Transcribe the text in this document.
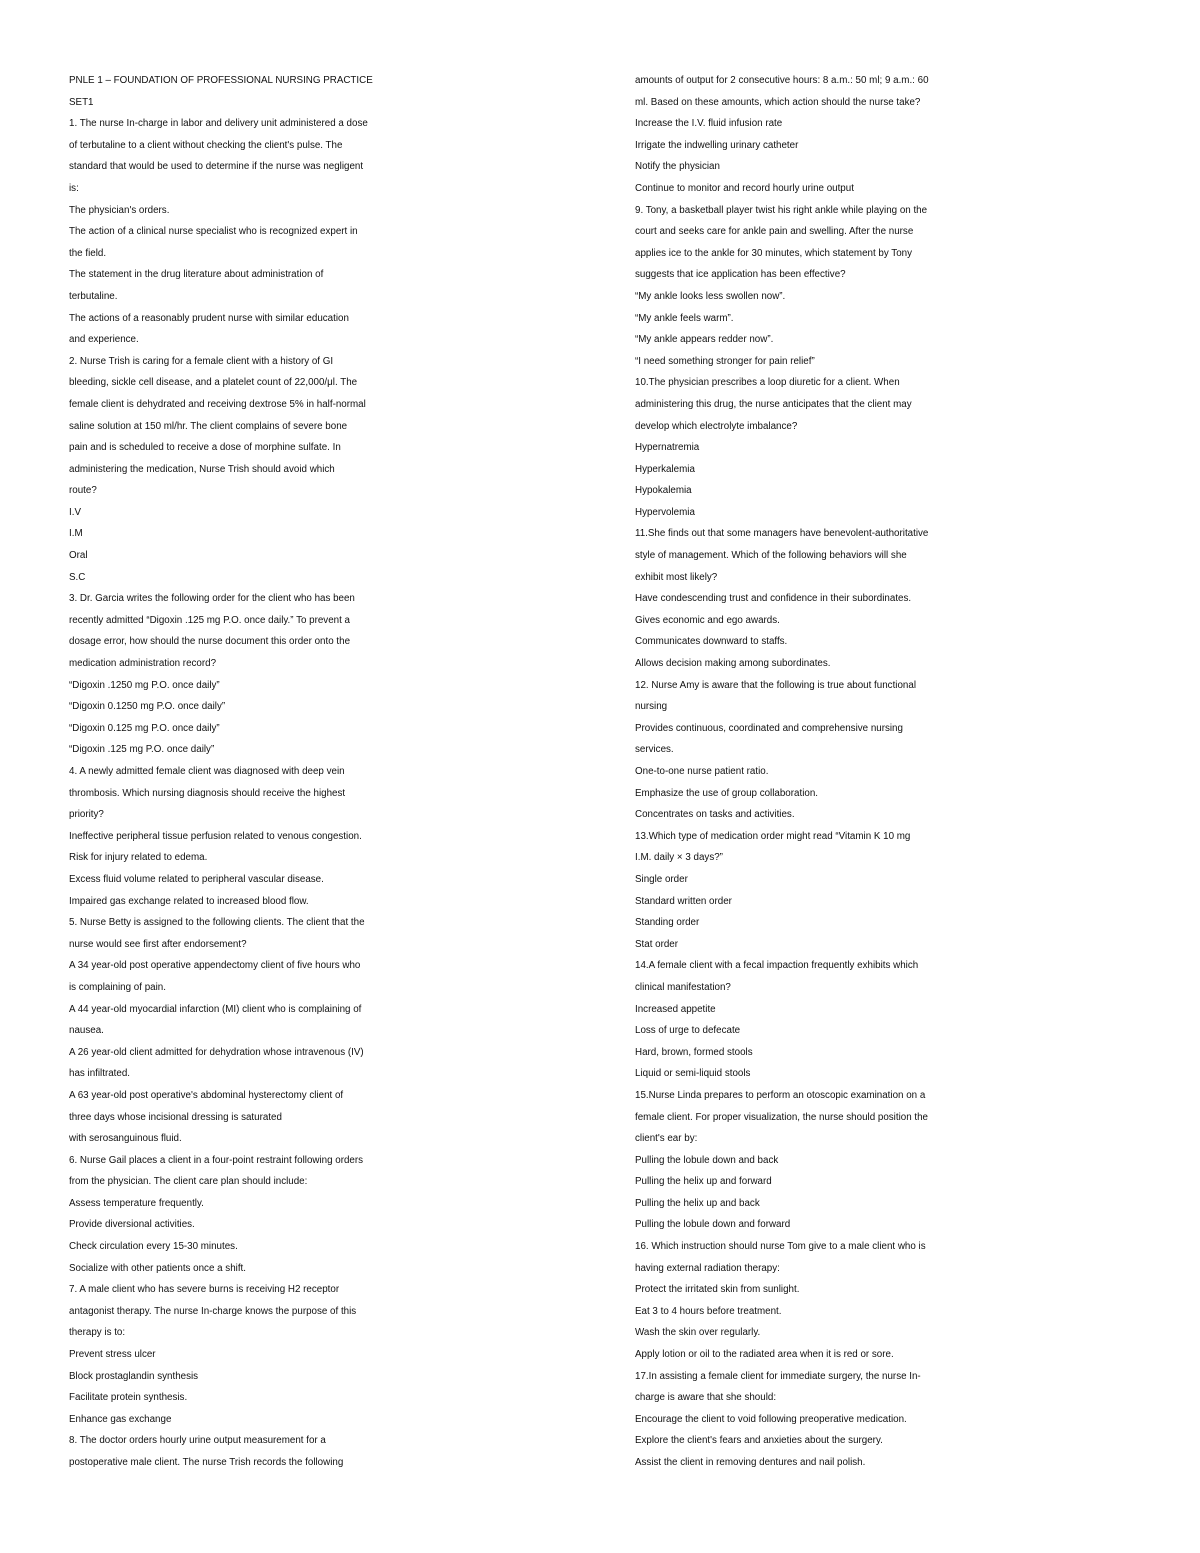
PNLE 1 – FOUNDATION OF PROFESSIONAL NURSING PRACTICE
SET1
1. The nurse In-charge in labor and delivery unit administered a dose
of terbutaline to a client without checking the client's pulse. The
standard that would be used to determine if the nurse was negligent
is:
The physician's orders.
The action of a clinical nurse specialist who is recognized expert in
the field.
The statement in the drug literature about administration of
terbutaline.
The actions of a reasonably prudent nurse with similar education
and experience.
2. Nurse Trish is caring for a female client with a history of GI
bleeding, sickle cell disease, and a platelet count of 22,000/μl. The
female client is dehydrated and receiving dextrose 5% in half-normal
saline solution at 150 ml/hr. The client complains of severe bone
pain and is scheduled to receive a dose of morphine sulfate. In
administering the medication, Nurse Trish should avoid which
route?
I.V
I.M
Oral
S.C
3. Dr. Garcia writes the following order for the client who has been
recently admitted “Digoxin .125 mg P.O. once daily.” To prevent a
dosage error, how should the nurse document this order onto the
medication administration record?
“Digoxin .1250 mg P.O. once daily”
“Digoxin 0.1250 mg P.O. once daily”
“Digoxin 0.125 mg P.O. once daily”
“Digoxin .125 mg P.O. once daily”
4. A newly admitted female client was diagnosed with deep vein
thrombosis. Which nursing diagnosis should receive the highest
priority?
Ineffective peripheral tissue perfusion related to venous congestion.
Risk for injury related to edema.
Excess fluid volume related to peripheral vascular disease.
Impaired gas exchange related to increased blood flow.
5. Nurse Betty is assigned to the following clients. The client that the
nurse would see first after endorsement?
A 34 year-old post operative appendectomy client of five hours who
is complaining of pain.
A 44 year-old myocardial infarction (MI) client who is complaining of
nausea.
A 26 year-old client admitted for dehydration whose intravenous (IV)
has infiltrated.
A 63 year-old post operative's abdominal hysterectomy client of
three days whose incisional dressing is saturated
with serosanguinous fluid.
6. Nurse Gail places a client in a four-point restraint following orders
from the physician. The client care plan should include:
Assess temperature frequently.
Provide diversional activities.
Check circulation every 15-30 minutes.
Socialize with other patients once a shift.
7. A male client who has severe burns is receiving H2 receptor
antagonist therapy. The nurse In-charge knows the purpose of this
therapy is to:
Prevent stress ulcer
Block prostaglandin synthesis
Facilitate protein synthesis.
Enhance gas exchange
8. The doctor orders hourly urine output measurement for a
postoperative male client. The nurse Trish records the following
amounts of output for 2 consecutive hours: 8 a.m.: 50 ml; 9 a.m.: 60
ml. Based on these amounts, which action should the nurse take?
Increase the I.V. fluid infusion rate
Irrigate the indwelling urinary catheter
Notify the physician
Continue to monitor and record hourly urine output
9. Tony, a basketball player twist his right ankle while playing on the
court and seeks care for ankle pain and swelling. After the nurse
applies ice to the ankle for 30 minutes, which statement by Tony
suggests that ice application has been effective?
“My ankle looks less swollen now”.
“My ankle feels warm”.
“My ankle appears redder now”.
“I need something stronger for pain relief”
10.The physician prescribes a loop diuretic for a client. When
administering this drug, the nurse anticipates that the client may
develop which electrolyte imbalance?
Hypernatremia
Hyperkalemia
Hypokalemia
Hypervolemia
11.She finds out that some managers have benevolent-authoritative
style of management. Which of the following behaviors will she
exhibit most likely?
Have condescending trust and confidence in their subordinates.
Gives economic and ego awards.
Communicates downward to staffs.
Allows decision making among subordinates.
12. Nurse Amy is aware that the following is true about functional
nursing
Provides continuous, coordinated and comprehensive nursing
services.
One-to-one nurse patient ratio.
Emphasize the use of group collaboration.
Concentrates on tasks and activities.
13.Which type of medication order might read “Vitamin K 10 mg
I.M. daily × 3 days?”
Single order
Standard written order
Standing order
Stat order
14.A female client with a fecal impaction frequently exhibits which
clinical manifestation?
Increased appetite
Loss of urge to defecate
Hard, brown, formed stools
Liquid or semi-liquid stools
15.Nurse Linda prepares to perform an otoscopic examination on a
female client. For proper visualization, the nurse should position the
client's ear by:
Pulling the lobule down and back
Pulling the helix up and forward
Pulling the helix up and back
Pulling the lobule down and forward
16. Which instruction should nurse Tom give to a male client who is
having external radiation therapy:
Protect the irritated skin from sunlight.
Eat 3 to 4 hours before treatment.
Wash the skin over regularly.
Apply lotion or oil to the radiated area when it is red or sore.
17.In assisting a female client for immediate surgery, the nurse In-
charge is aware that she should:
Encourage the client to void following preoperative medication.
Explore the client's fears and anxieties about the surgery.
Assist the client in removing dentures and nail polish.
